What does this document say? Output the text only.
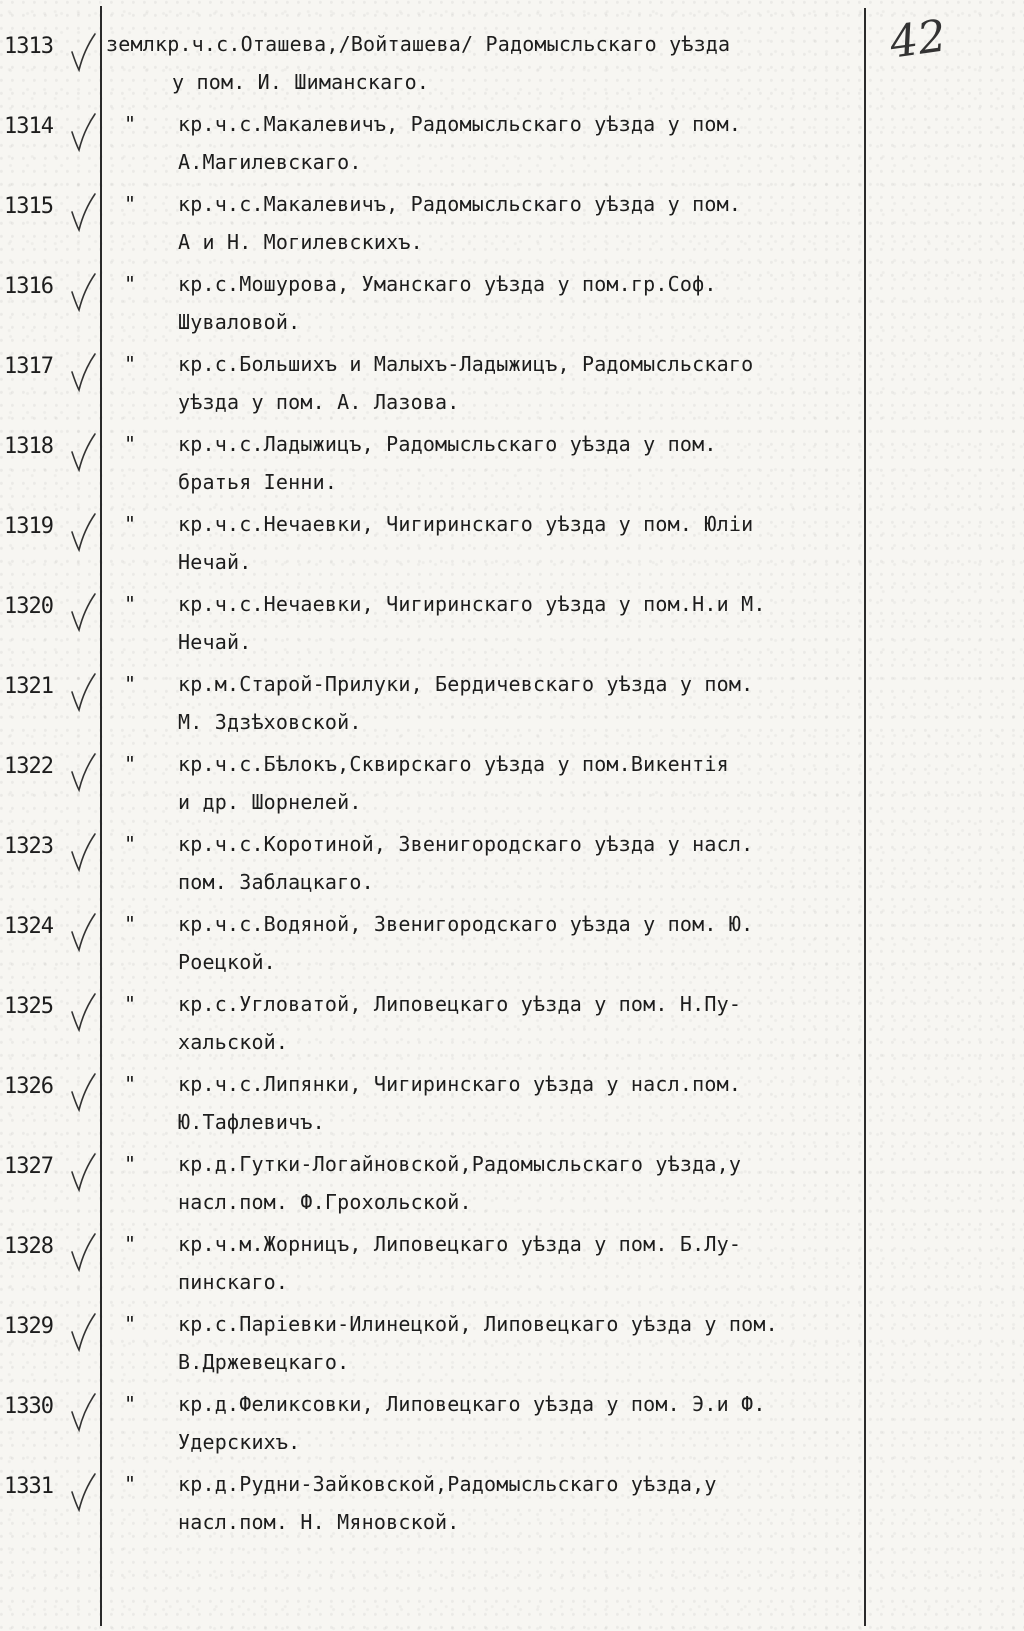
42
1313	землкр.ч.с.Оташева,/Войташева/ Радомысльскаго уѣзда
у пом. И. Шиманскаго.
1314	" кр.ч.с.Макалевичъ, Радомысльскаго уѣзда у пом.
А.Магилевскаго.
1315	" кр.ч.с.Макалевичъ, Радомысльскаго уѣзда у пом.
А и Н. Могилевскихъ.
1316	" кр.с.Мошурова, Уманскаго уѣзда у пом.гр.Соф.
Шуваловой.
1317	" кр.с.Большихъ и Малыхъ-Ладыжицъ, Радомысльскаго
уѣзда у пом. А. Лазова.
1318	" кр.ч.с.Ладыжицъ, Радомысльскаго уѣзда у пом.
братья Іенни.
1319	" кр.ч.с.Нечаевки, Чигиринскаго уѣзда у пом. Юліи
Нечай.
1320	" кр.ч.с.Нечаевки, Чигиринскаго уѣзда у пом.Н.и М.
Нечай.
1321	" кр.м.Старой-Прилуки, Бердичевскаго уѣзда у пом.
М. Здзѣховской.
1322	" кр.ч.с.Бѣлокъ,Сквирскаго уѣзда у пом.Викентія
и др. Шорнелей.
1323	" кр.ч.с.Коротиной, Звенигородскаго уѣзда у насл.
пом. Заблацкаго.
1324	" кр.ч.с.Водяной, Звенигородскаго уѣзда у пом. Ю.
Роецкой.
1325	" кр.с.Угловатой, Липовецкаго уѣзда у пом. Н.Пу-
хальской.
1326	" кр.ч.с.Липянки, Чигиринскаго уѣзда у насл.пом.
Ю.Тафлевичъ.
1327	" кр.д.Гутки-Логайновской,Радомысльскаго уѣзда,у
насл.пом. Ф.Грохольской.
1328	" кр.ч.м.Жорницъ, Липовецкаго уѣзда у пом. Б.Лу-
пинскаго.
1329	" кр.с.Парiевки-Илинецкой, Липовецкаго уѣзда у пом.
В.Држевецкаго.
1330	" кр.д.Феликсовки, Липовецкаго уѣзда у пом. Э.и Ф.
Удерскихъ.
1331	" кр.д.Рудни-Зайковской,Радомысльскаго уѣзда,у
насл.пом. Н. Мяновской.
